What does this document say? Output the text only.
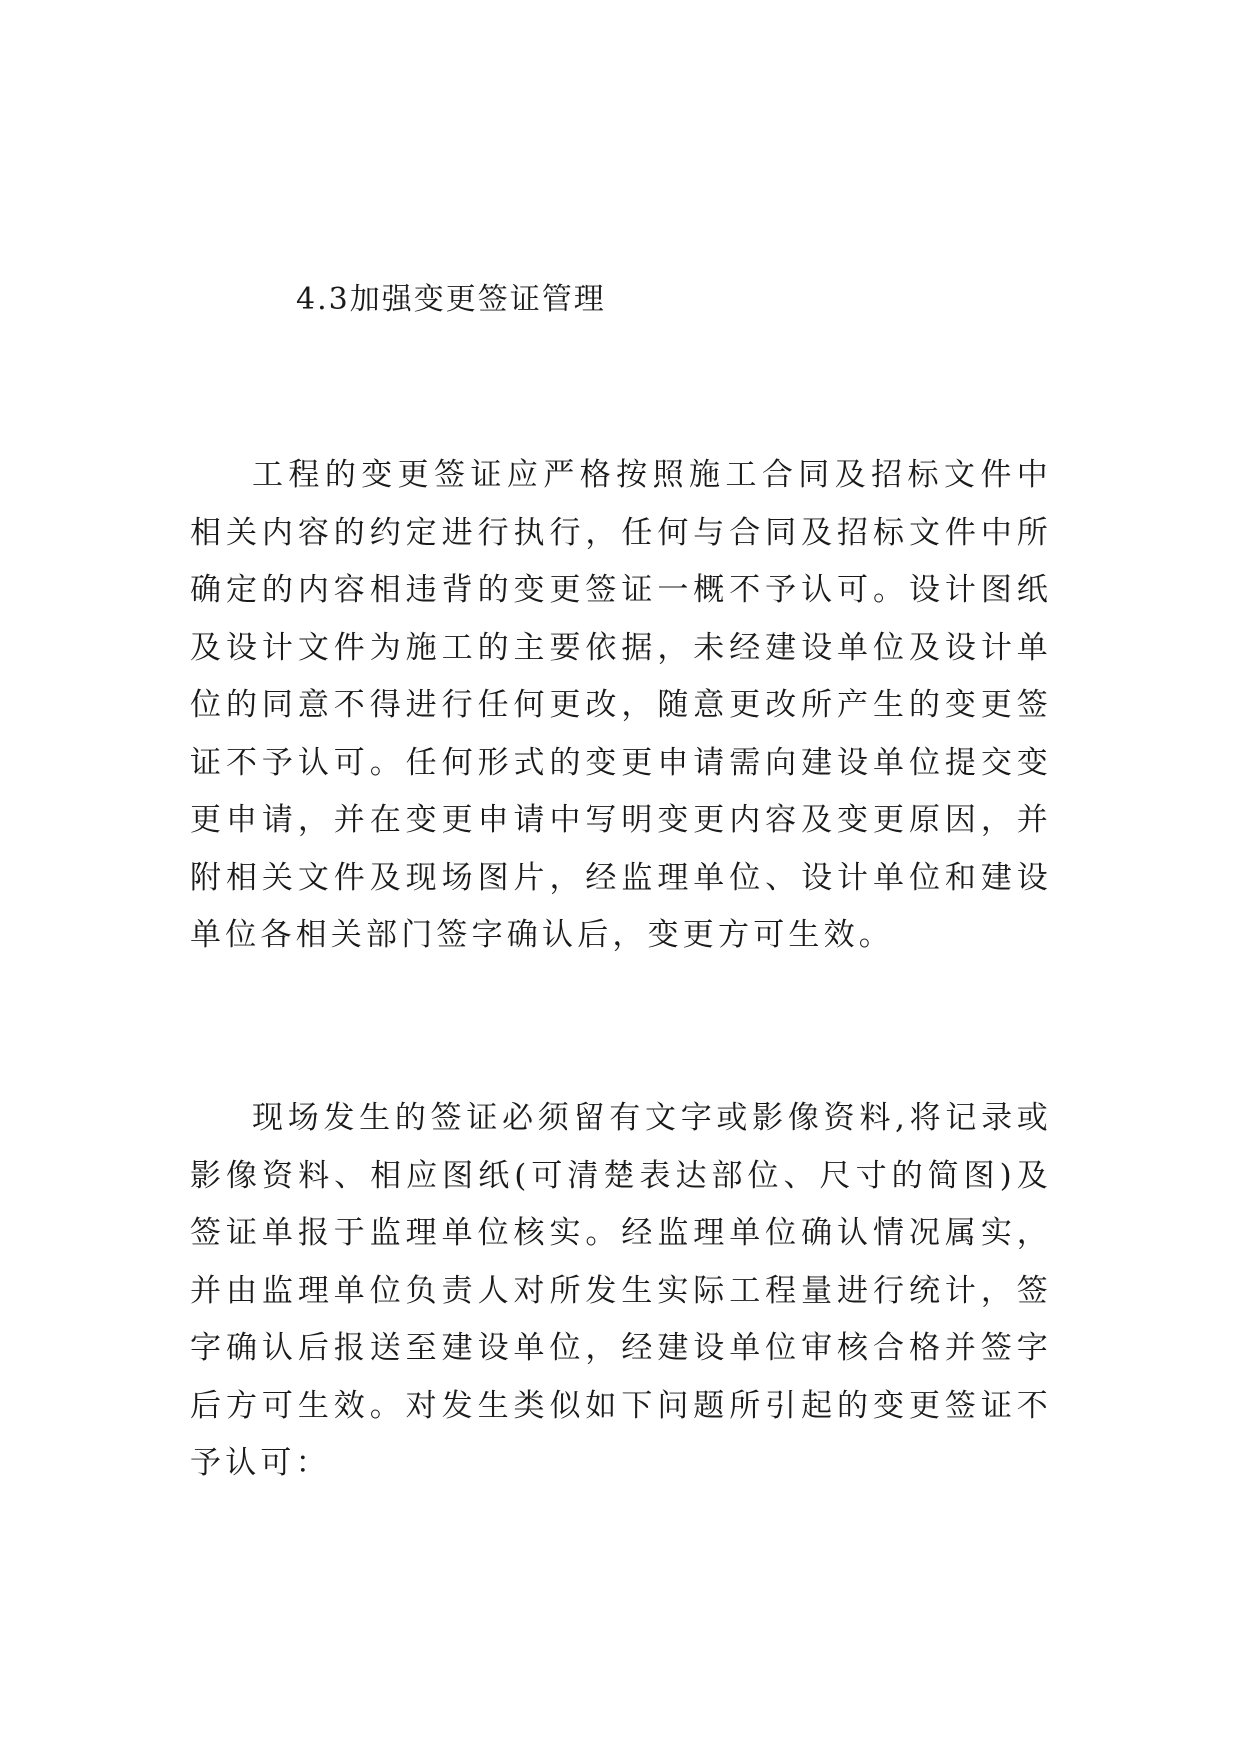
4.3加强变更签证管理

工程的变更签证应严格按照施工合同及招标文件中相关内容的约定进行执行，任何与合同及招标文件中所确定的内容相违背的变更签证一概不予认可。设计图纸及设计文件为施工的主要依据，未经建设单位及设计单位的同意不得进行任何更改，随意更改所产生的变更签证不予认可。任何形式的变更申请需向建设单位提交变更申请，并在变更申请中写明变更内容及变更原因，并附相关文件及现场图片，经监理单位、设计单位和建设单位各相关部门签字确认后，变更方可生效。

现场发生的签证必须留有文字或影像资料,将记录或影像资料、相应图纸(可清楚表达部位、尺寸的简图)及签证单报于监理单位核实。经监理单位确认情况属实，并由监理单位负责人对所发生实际工程量进行统计，签字确认后报送至建设单位，经建设单位审核合格并签字后方可生效。对发生类似如下问题所引起的变更签证不予认可：
